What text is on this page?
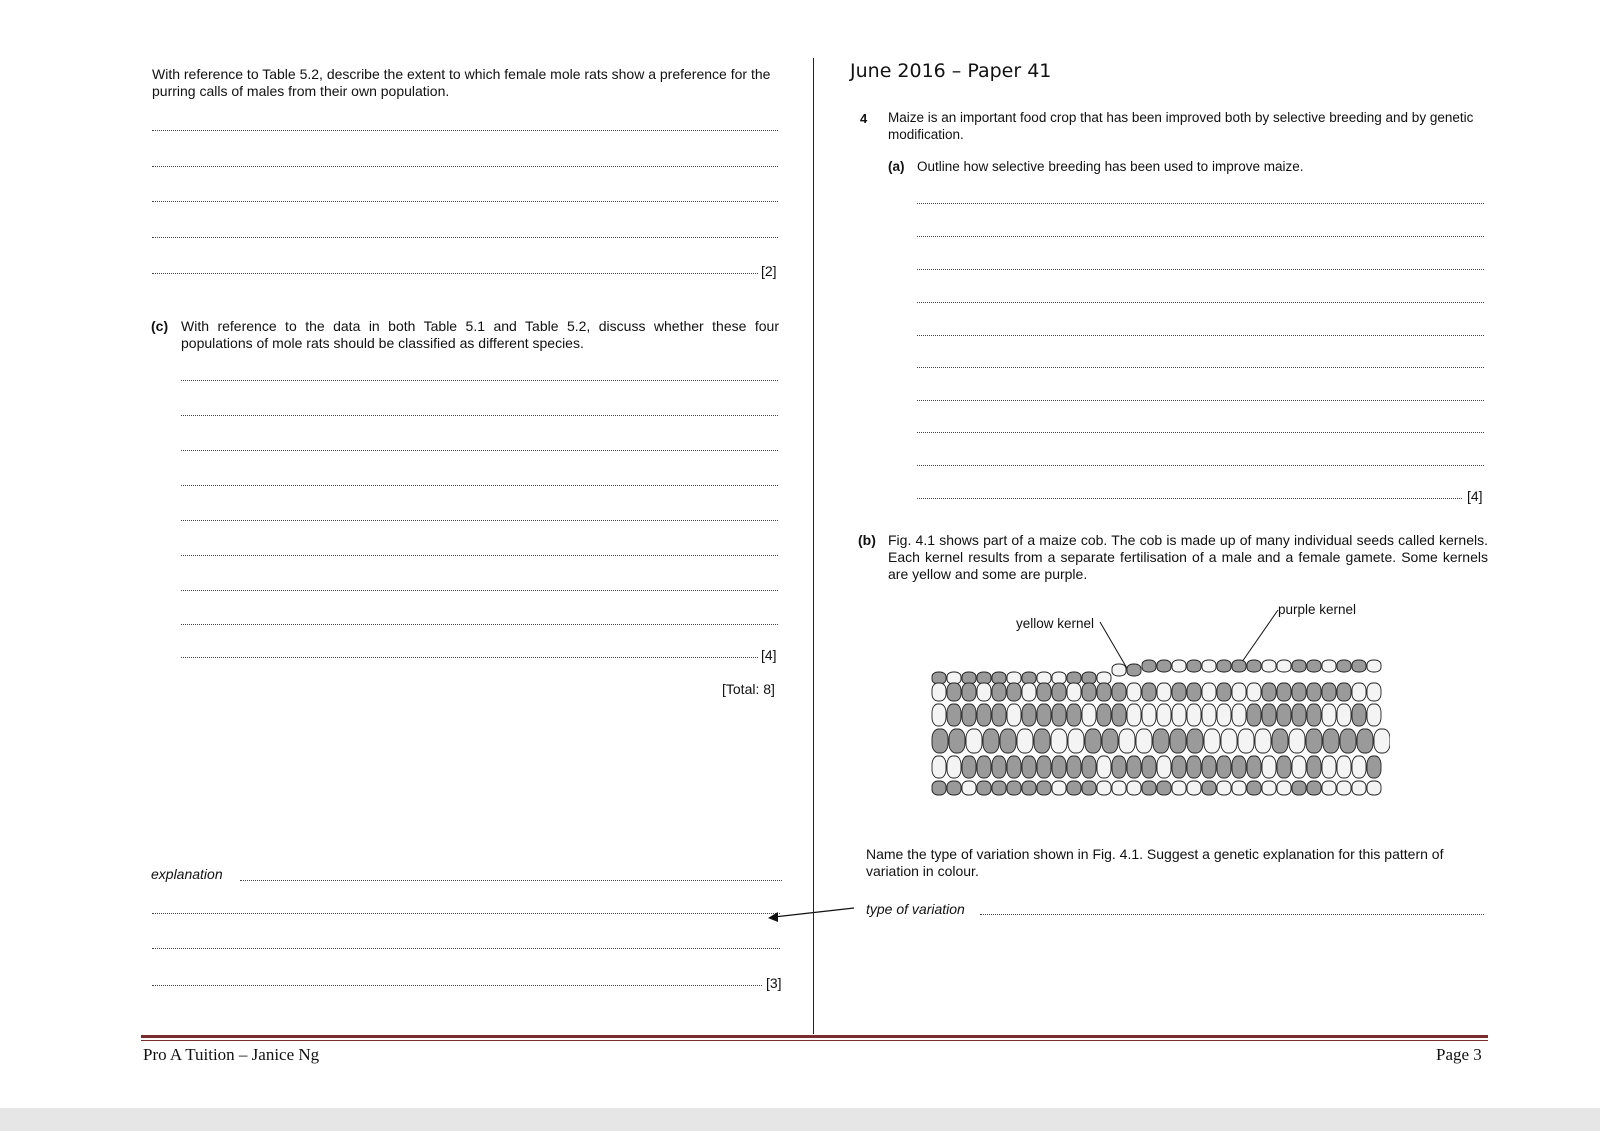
With reference to Table 5.2, describe the extent to which female mole rats show a preference for the purring calls of males from their own population.
[2]
(c) With reference to the data in both Table 5.1 and Table 5.2, discuss whether these four populations of mole rats should be classified as different species.
[4]
[Total: 8]
explanation
[3]
June 2016 – Paper 41
4 Maize is an important food crop that has been improved both by selective breeding and by genetic modification.
(a) Outline how selective breeding has been used to improve maize.
[4]
(b) Fig. 4.1 shows part of a maize cob. The cob is made up of many individual seeds called kernels. Each kernel results from a separate fertilisation of a male and a female gamete. Some kernels are yellow and some are purple.
yellow kernel
purple kernel
Name the type of variation shown in Fig. 4.1. Suggest a genetic explanation for this pattern of variation in colour.
type of variation
Pro A Tuition – Janice Ng	Page 3
